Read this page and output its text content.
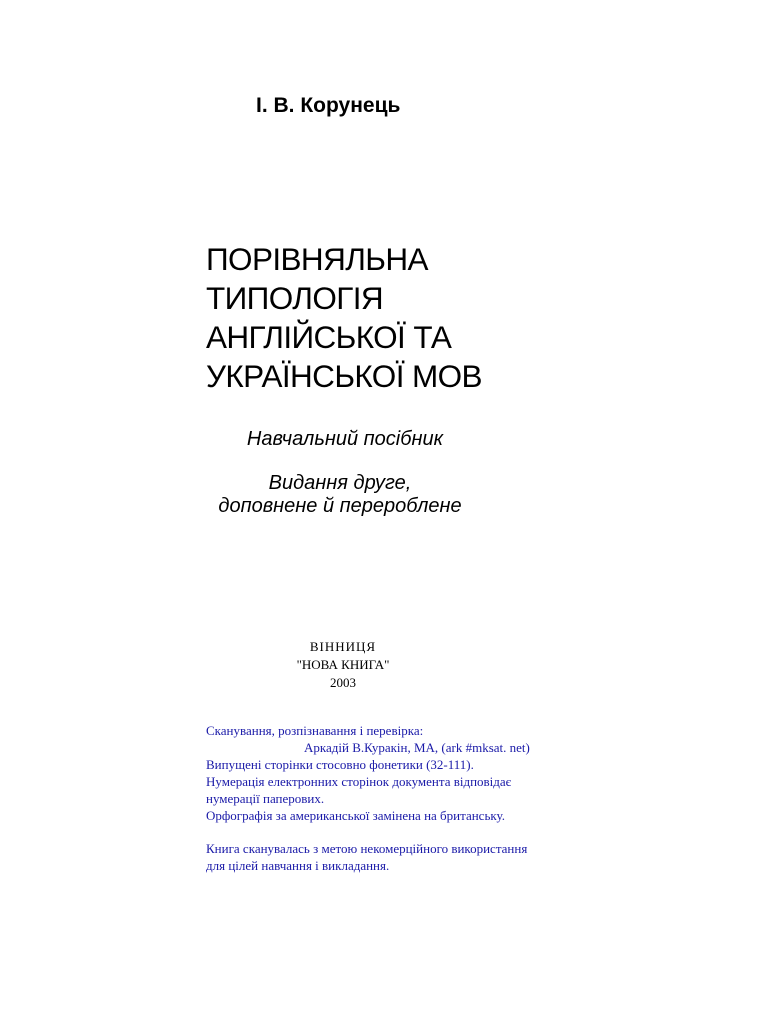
І. В. Корунець
ПОРІВНЯЛЬНА
ТИПОЛОГІЯ
АНГЛІЙСЬКОЇ ТА
УКРАЇНСЬКОЇ МОВ
Навчальний посібник
Видання друге,
доповнене й перероблене
ВІННИЦЯ
"НОВА КНИГА"
2003
Сканування, розпізнавання і перевірка:
Аркадій В.Куракін, МА, (ark #mksat. net)
Випущені сторінки стосовно фонетики (32-111).
Нумерація електронних сторінок документа відповідає
нумерації паперових.
Орфографія за американської замінена на британську.
Книга сканувалась з метою некомерційного використання
для цілей навчання і викладання.
